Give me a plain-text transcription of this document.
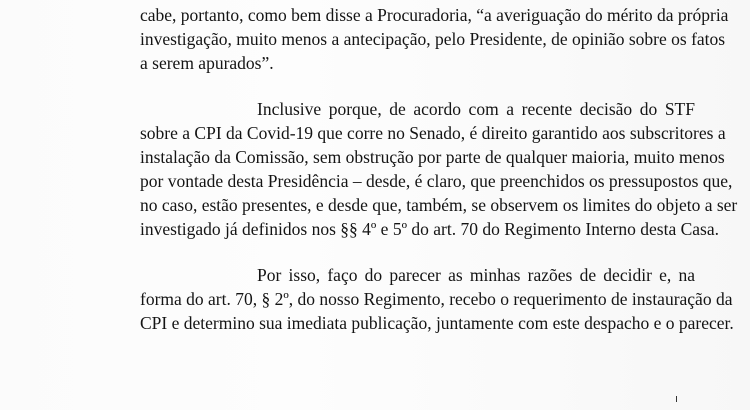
cabe, portanto, como bem disse a Procuradoria, “a averiguação do mérito da própria
investigação, muito menos a antecipação, pelo Presidente, de opinião sobre os fatos
a serem apurados”.
Inclusive porque, de acordo com a recente decisão do STF
sobre a CPI da Covid-19 que corre no Senado, é direito garantido aos subscritores a
instalação da Comissão, sem obstrução por parte de qualquer maioria, muito menos
por vontade desta Presidência – desde, é claro, que preenchidos os pressupostos que,
no caso, estão presentes, e desde que, também, se observem os limites do objeto a ser
investigado já definidos nos §§ 4º e 5º do art. 70 do Regimento Interno desta Casa.
Por isso, faço do parecer as minhas razões de decidir e, na
forma do art. 70, § 2º, do nosso Regimento, recebo o requerimento de instauração da
CPI e determino sua imediata publicação, juntamente com este despacho e o parecer.
